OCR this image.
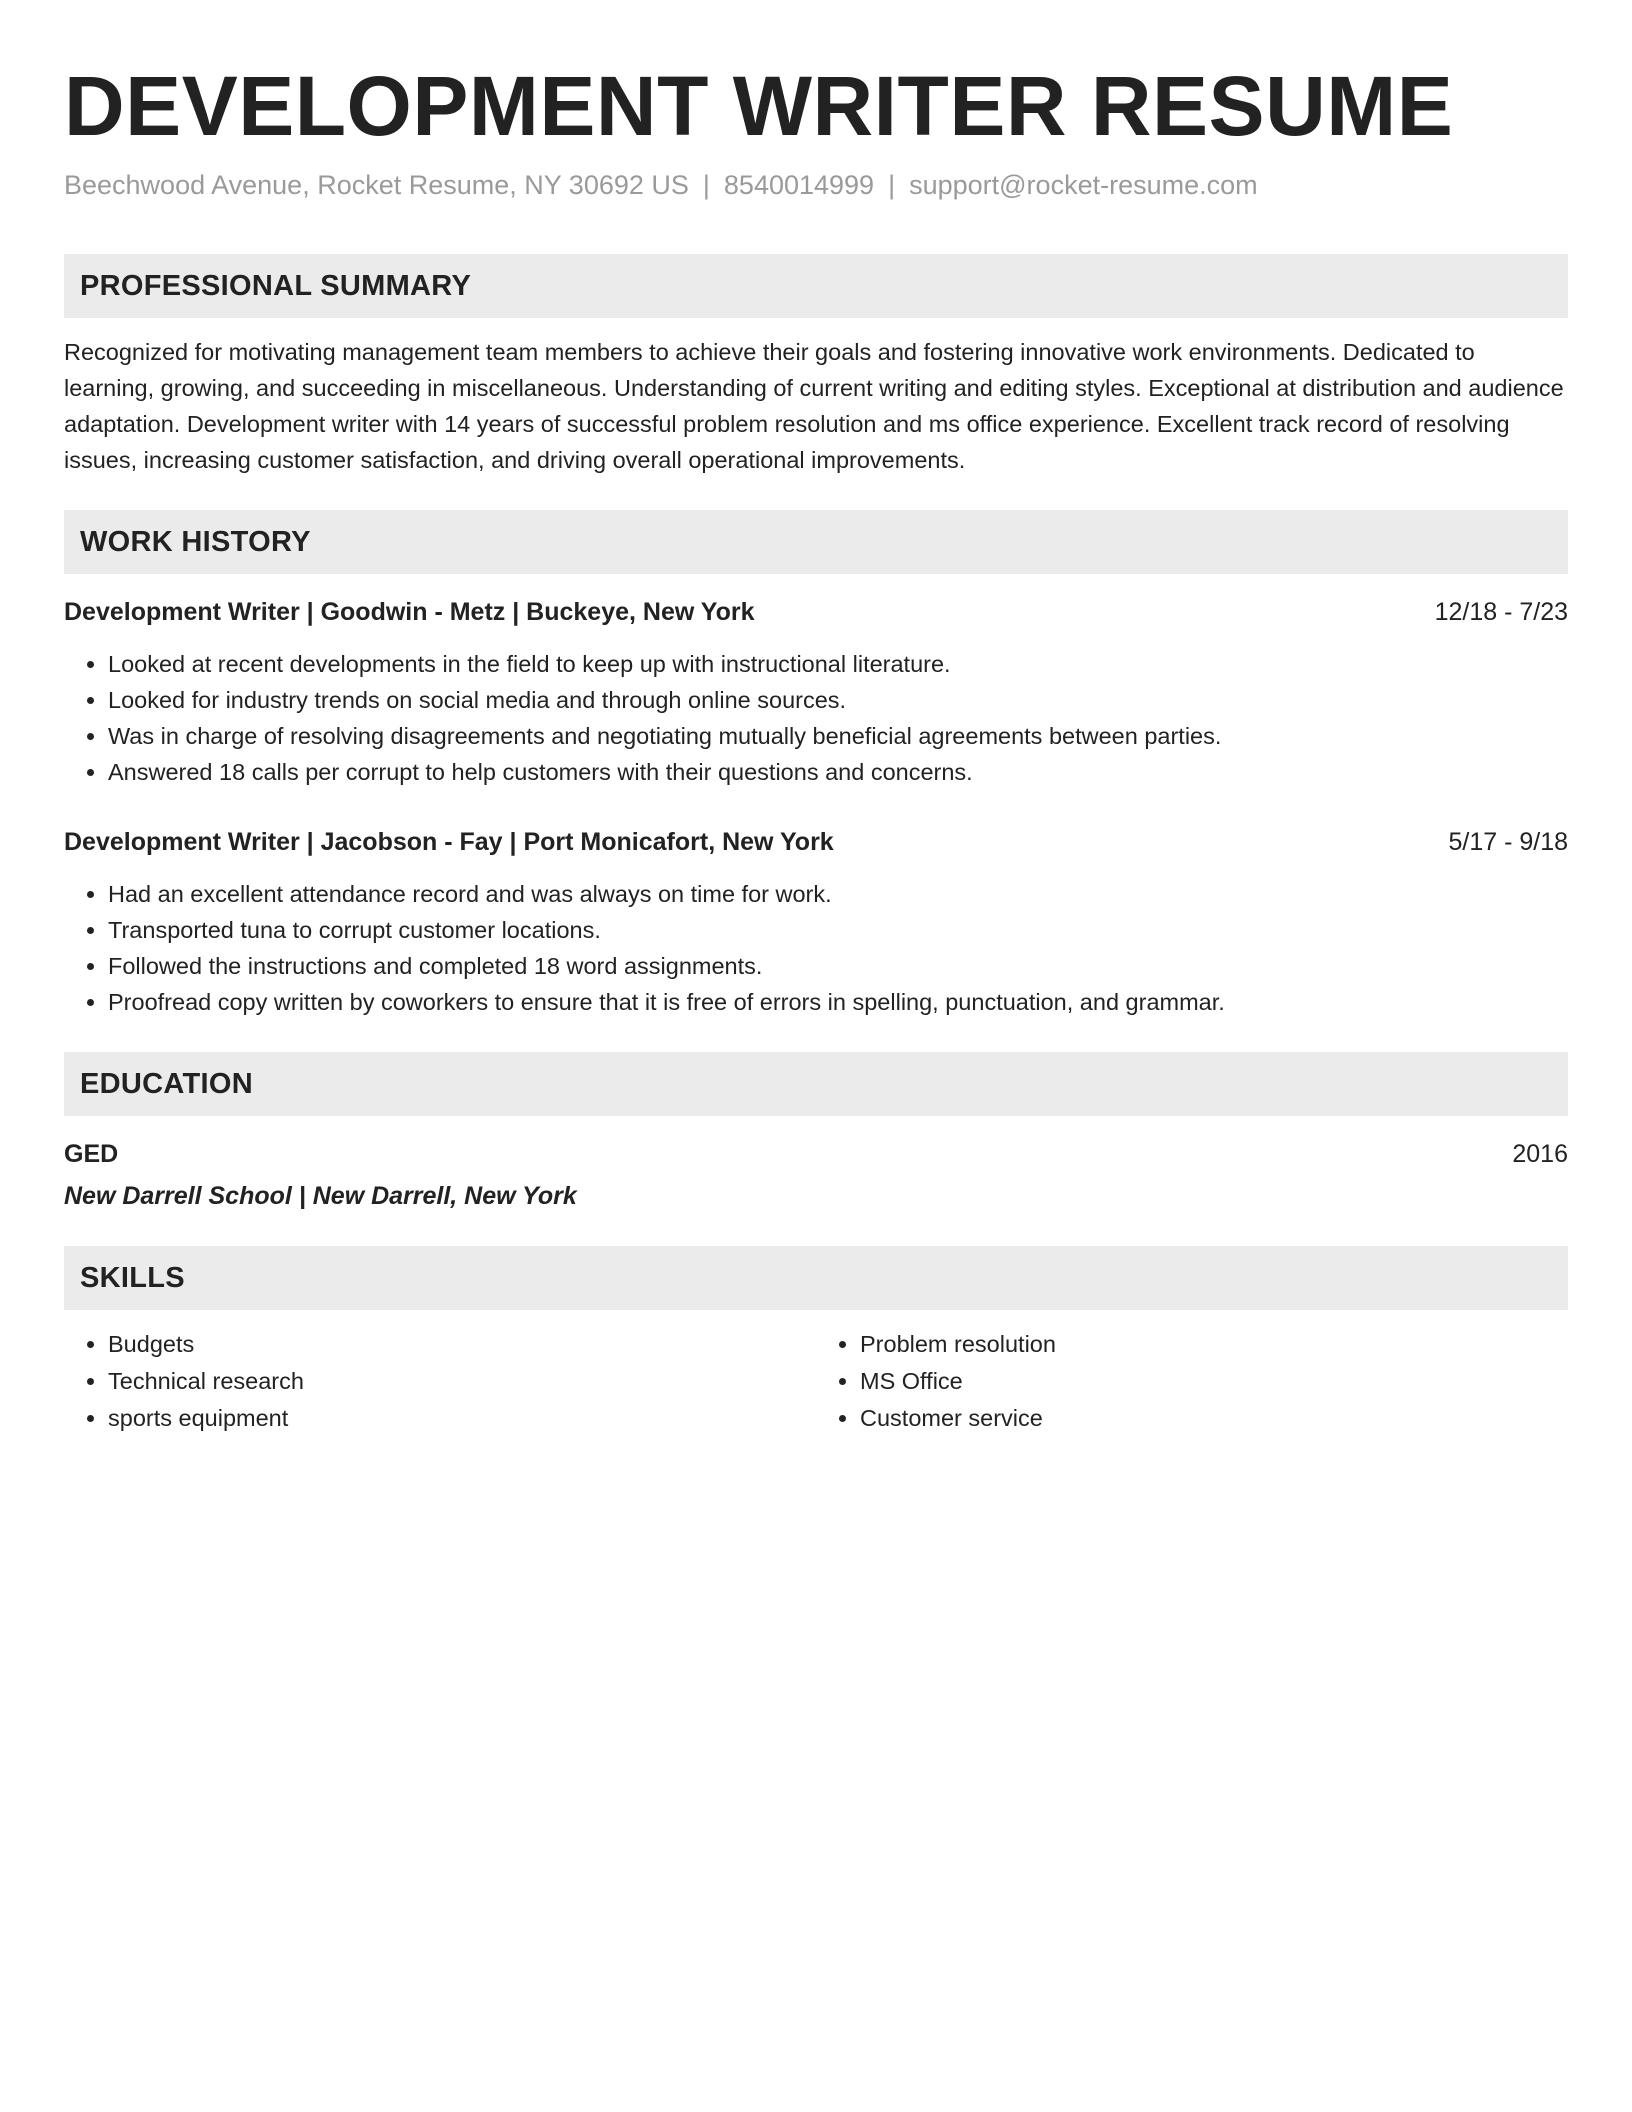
DEVELOPMENT WRITER RESUME
Beechwood Avenue, Rocket Resume, NY 30692 US | 8540014999 | support@rocket-resume.com
PROFESSIONAL SUMMARY
Recognized for motivating management team members to achieve their goals and fostering innovative work environments. Dedicated to learning, growing, and succeeding in miscellaneous. Understanding of current writing and editing styles. Exceptional at distribution and audience adaptation. Development writer with 14 years of successful problem resolution and ms office experience. Excellent track record of resolving issues, increasing customer satisfaction, and driving overall operational improvements.
WORK HISTORY
Development Writer | Goodwin - Metz | Buckeye, New York	12/18 - 7/23
• Looked at recent developments in the field to keep up with instructional literature.
• Looked for industry trends on social media and through online sources.
• Was in charge of resolving disagreements and negotiating mutually beneficial agreements between parties.
• Answered 18 calls per corrupt to help customers with their questions and concerns.
Development Writer | Jacobson - Fay | Port Monicafort, New York	5/17 - 9/18
• Had an excellent attendance record and was always on time for work.
• Transported tuna to corrupt customer locations.
• Followed the instructions and completed 18 word assignments.
• Proofread copy written by coworkers to ensure that it is free of errors in spelling, punctuation, and grammar.
EDUCATION
GED	2016
New Darrell School | New Darrell, New York
SKILLS
• Budgets
• Technical research
• sports equipment
• Problem resolution
• MS Office
• Customer service
